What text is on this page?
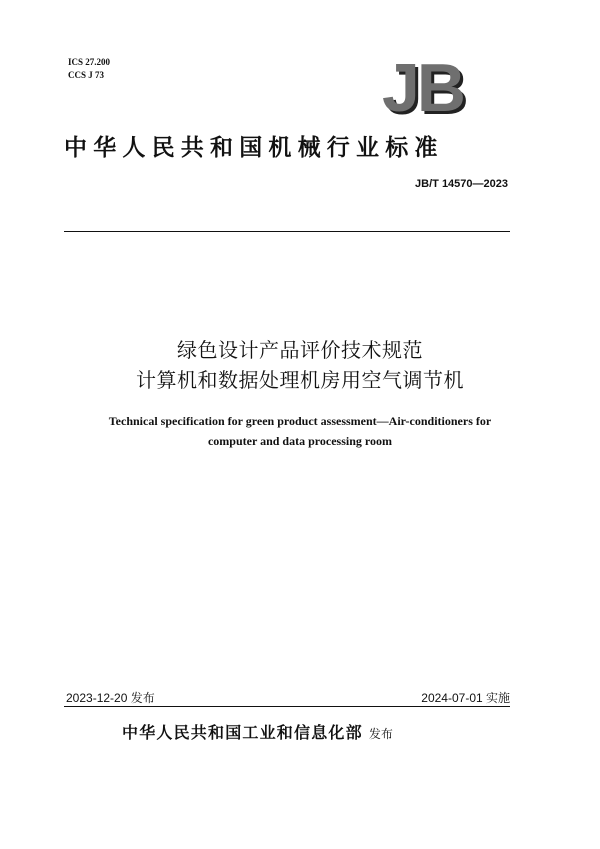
ICS 27.200
CCS J 73	JB
中华人民共和国机械行业标准
JB/T 14570—2023
绿色设计产品评价技术规范
计算机和数据处理机房用空气调节机
Technical specification for green product assessment—Air-conditioners for
computer and data processing room
2023-12-20 发布	2024-07-01 实施
中华人民共和国工业和信息化部 发布
